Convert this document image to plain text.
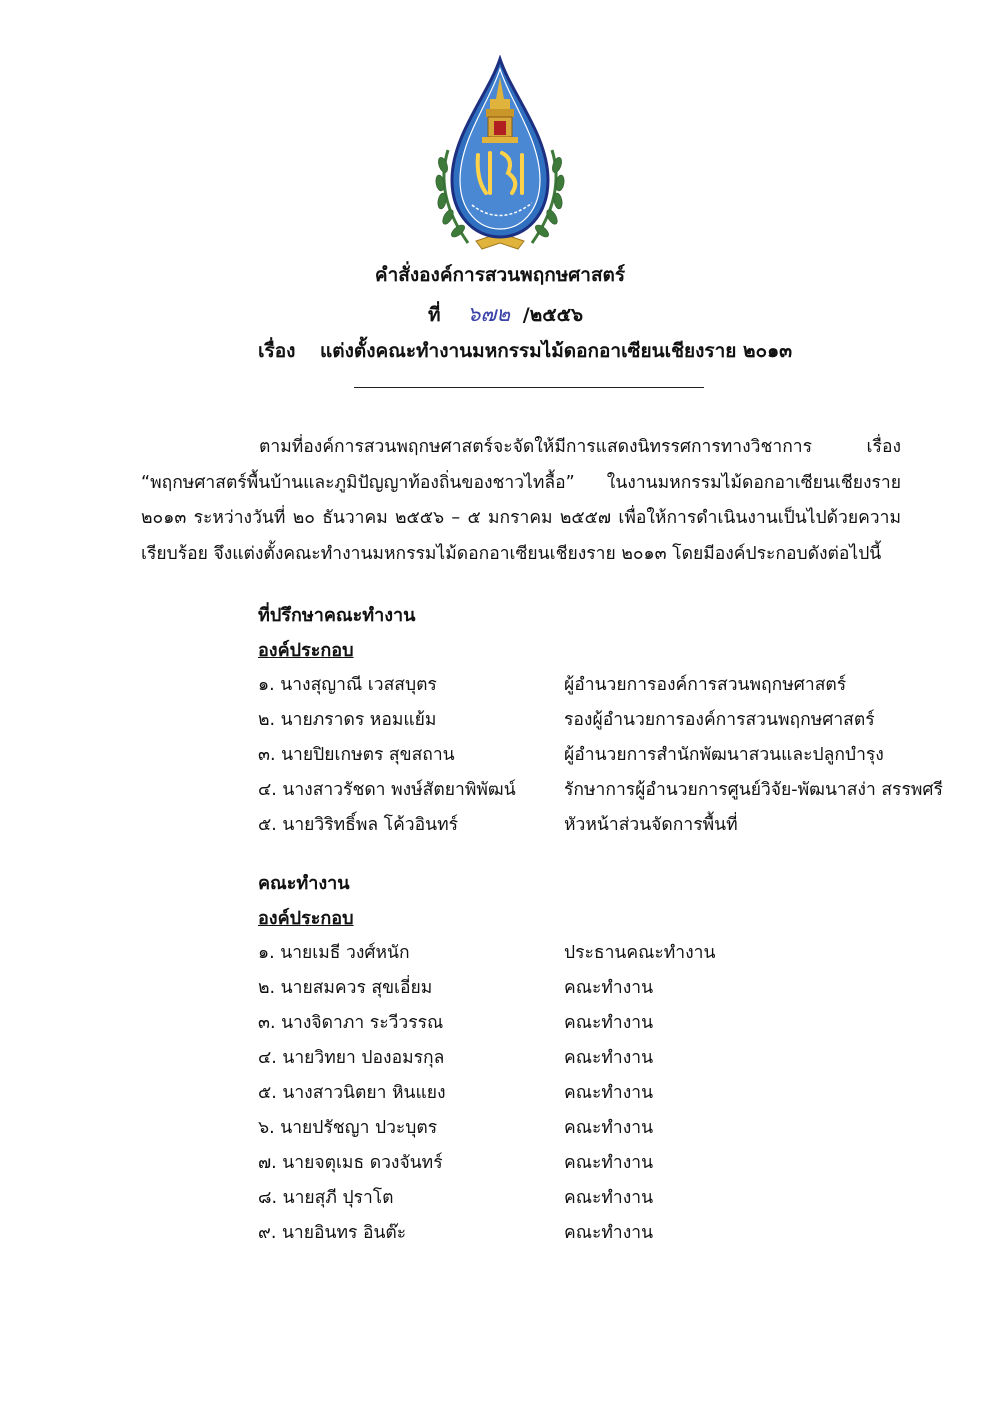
คำสั่งองค์การสวนพฤกษศาสตร์
ที่ ๖๗๒ /๒๕๕๖
เรื่อง แต่งตั้งคณะทำงานมหกรรมไม้ดอกอาเซียนเชียงราย ๒๐๑๓
ตามที่องค์การสวนพฤกษศาสตร์จะจัดให้มีการแสดงนิทรรศการทางวิชาการ เรื่อง
“พฤกษศาสตร์พื้นบ้านและภูมิปัญญาท้องถิ่นของชาวไทลื้อ” ในงานมหกรรมไม้ดอกอาเซียนเชียงราย
๒๐๑๓ ระหว่างวันที่ ๒๐ ธันวาคม ๒๕๕๖ – ๕ มกราคม ๒๕๕๗ เพื่อให้การดำเนินงานเป็นไปด้วยความ
เรียบร้อย จึงแต่งตั้งคณะทำงานมหกรรมไม้ดอกอาเซียนเชียงราย ๒๐๑๓ โดยมีองค์ประกอบดังต่อไปนี้
ที่ปรึกษาคณะทำงาน
องค์ประกอบ
๑. นางสุญาณี เวสสบุตร	ผู้อำนวยการองค์การสวนพฤกษศาสตร์
๒. นายภราดร หอมแย้ม	รองผู้อำนวยการองค์การสวนพฤกษศาสตร์
๓. นายปิยเกษตร สุขสถาน	ผู้อำนวยการสำนักพัฒนาสวนและปลูกบำรุง
๔. นางสาวรัชดา พงษ์สัตยาพิพัฒน์	รักษาการผู้อำนวยการศูนย์วิจัย-พัฒนาสง่า สรรพศรี
๕. นายวิริทธิ์พล โค้วอินทร์	หัวหน้าส่วนจัดการพื้นที่
คณะทำงาน
องค์ประกอบ
๑. นายเมธี วงศ์หนัก	ประธานคณะทำงาน
๒. นายสมควร สุขเอี่ยม	คณะทำงาน
๓. นางจิดาภา ระวีวรรณ	คณะทำงาน
๔. นายวิทยา ปองอมรกุล	คณะทำงาน
๕. นางสาวนิตยา หินแยง	คณะทำงาน
๖. นายปรัชญา ปวะบุตร	คณะทำงาน
๗. นายจตุเมธ ดวงจันทร์	คณะทำงาน
๘. นายสุภี ปุราโต	คณะทำงาน
๙. นายอินทร อินต๊ะ	คณะทำงาน
